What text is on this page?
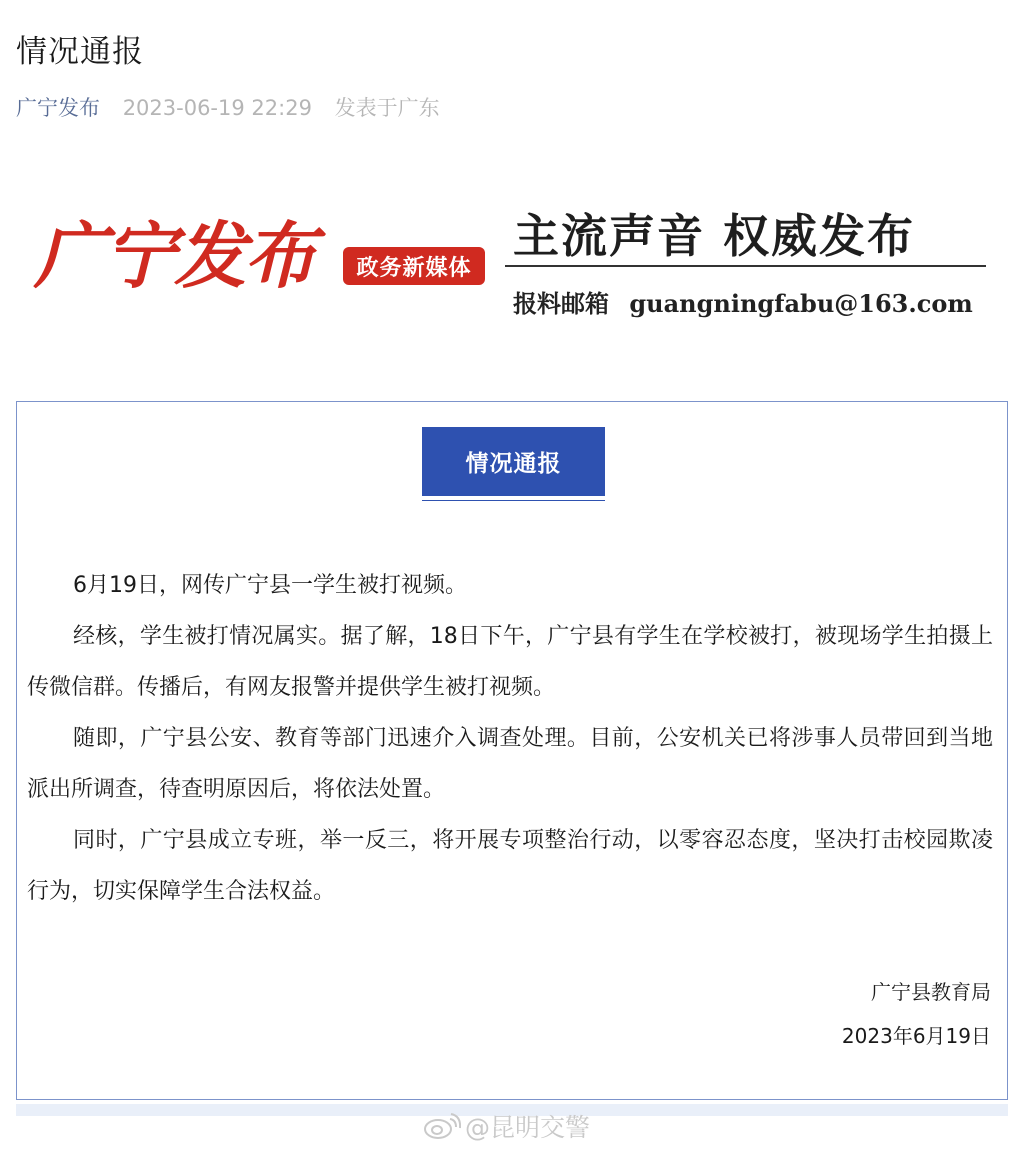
情况通报
广宁发布 2023-06-19 22:29 发表于广东
广宁发布	政务新媒体
主流声音 权威发布
报料邮箱 guangningfabu@163.com
情况通报

6月19日，网传广宁县一学生被打视频。

经核，学生被打情况属实。据了解，18日下午，广宁县有学生在学校被打，被现场学生拍摄上传微信群。传播后，有网友报警并提供学生被打视频。

随即，广宁县公安、教育等部门迅速介入调查处理。目前，公安机关已将涉事人员带回到当地派出所调查，待查明原因后，将依法处置。

同时，广宁县成立专班，举一反三，将开展专项整治行动，以零容忍态度，坚决打击校园欺凌行为，切实保障学生合法权益。

广宁县教育局
2023年6月19日
@昆明交警
